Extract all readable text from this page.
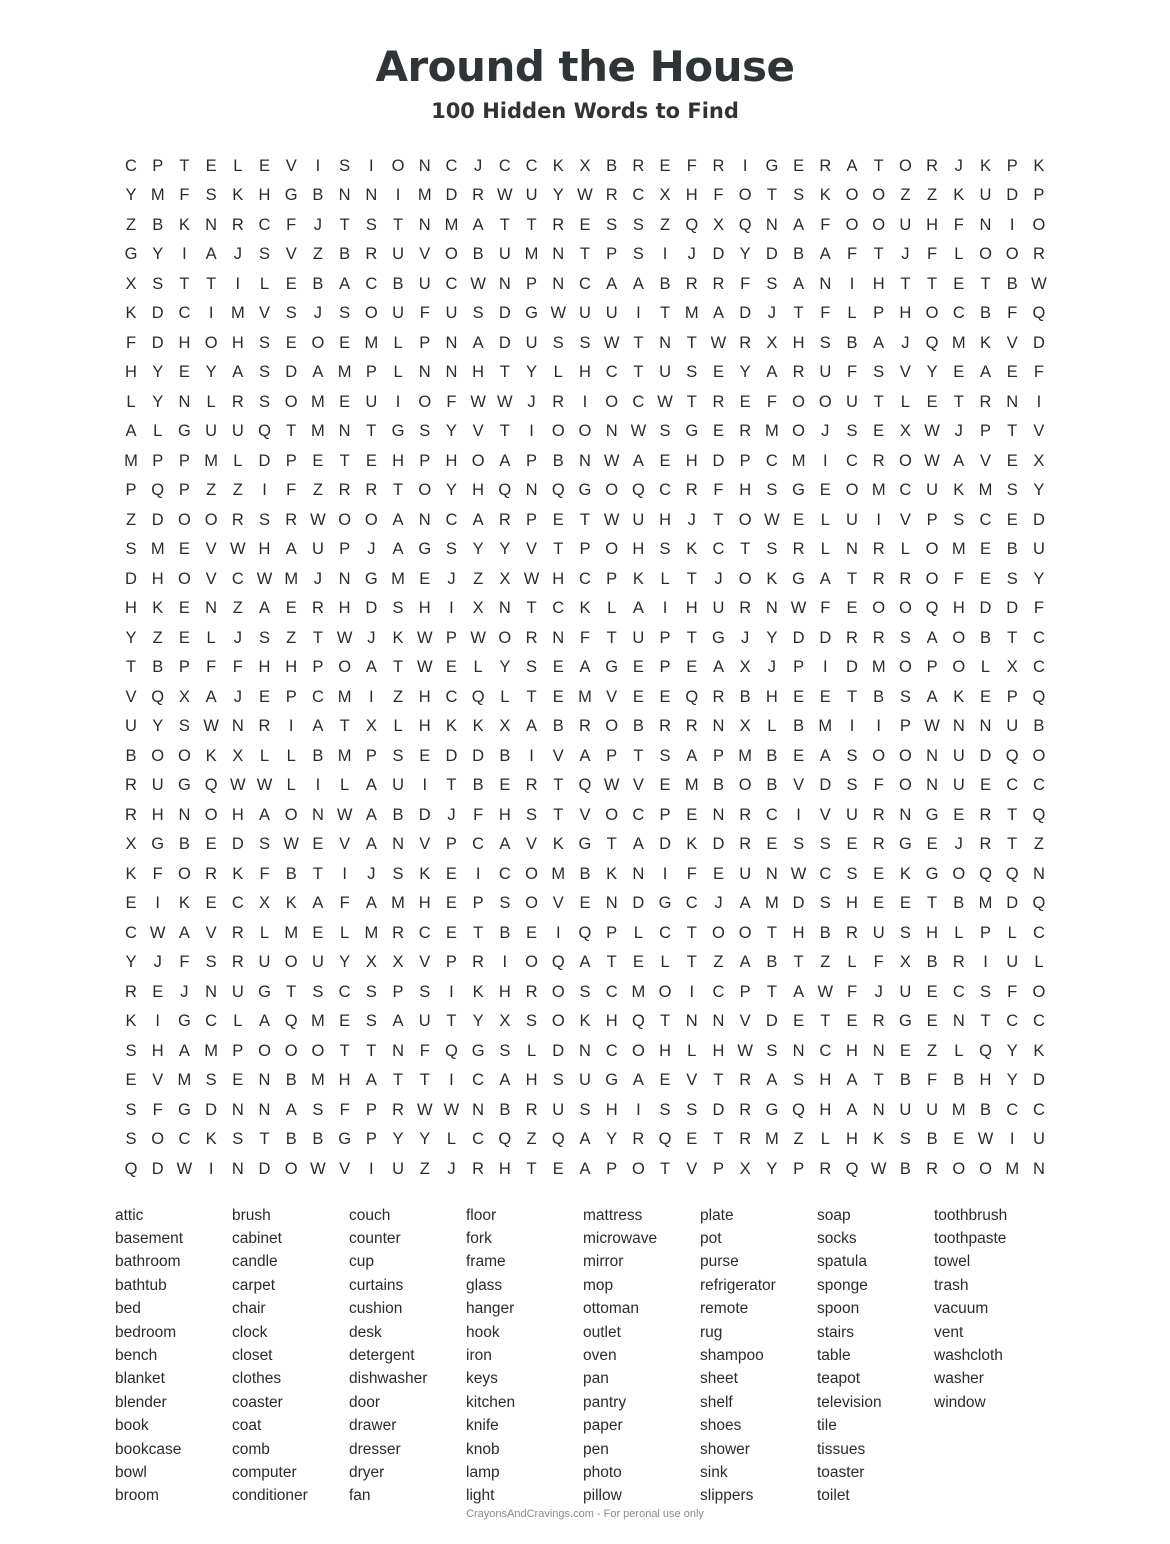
Around the House
100 Hidden Words to Find
C P T E	L	E V	I	S	I	O N C	J	C C K X B R E F R	I	G E R A T O R	J	K P K
Y M F S K H G B N N	I	M D R W U Y W R C X H F O T S K O O Z	Z K U D P
Z B K N R C F	J	T S T N M A T	T R E S S Z Q X Q N A F O O U H F N	I	O
G Y	I	A	J	S V Z B R U V O B U M N T P S	I	J	D Y D B A F	T	J	F	L O O R
X S T	T	I	L	E B A C B U C W N P N C A A B R R F S A N	I	H T	T E T B W
K D C	I	M V S	J	S O U F U S D G W U U	I	T M A D	J	T	F	L	P H O C B F Q
F D H O H S E O E M L	P N A D U S S W T N T W R X H S B A	J Q M K V D
H Y E Y A S D A M P	L N N H T Y	L H C T U S E Y A R U F S V Y E A E F
L	Y N L R S O M E U	I	O F W W J	R	I	O C W T R E F O O U T	L	E T R N	I
A	L G U U Q T M N T G S Y V T	I	O O N W S G E R M O J	S E X W J	P T V
M P P M L D P E T E H P H O A P B N W A E H D P C M	I	C R O W A V E X
P Q P Z	Z	I	F	Z R R T O Y H Q N Q G O Q C R F H S G E O M C U K M S Y
Z D O O R S R W O O A N C A R P E T W U H	J	T O W E	L U	I	V P S C E D
S M E V W H A U P	J	A G S Y Y V T P O H S K C T S R L N R L O M E B U
D H O V C W M J	N G M E	J	Z X W H C P K	L	T	J O K G A T R R O F E S Y
H K E N Z A E R H D S H	I	X N T C K	L	A	I	H U R N W F E O O Q H D D F
Y Z E	L	J	S Z	T W J	K W P W O R N F	T U P T G J	Y D D R R S A O B T C
T B P F	F H H P O A T W E	L	Y S E A G E P E A X	J	P	I	D M O P O L	X C
V Q X A	J	E P C M	I	Z H C Q L	T E M V E E Q R B H E E T B S A K E P Q
U Y S W N R	I	A T X	L H K K X A B R O B R R N X	L	B M	I	I	P W N N U B
B O O K X	L	L	B M P S E D D B	I	V A P T S A P M B E A S O O N U D Q O
R U G Q W W L	I	L	A U	I	T B E R T Q W V E M B O B V D S F O N U E C C
R H N O H A O N W A B D	J	F H S T V O C P E N R C	I	V U R N G E R T Q
X G B E D S W E V A N V P C A V K G T A D K D R E S S E R G E	J	R T	Z
K F O R K F B T	I	J	S K E	I	C O M B K N	I	F E U N W C S E K G O Q Q N
E	I	K E C X K A F A M H E P S O V E N D G C	J	A M D S H E E T B M D Q
C W A V R L M E	L M R C E T B E	I	Q P	L C T O O T H B R U S H L	P	L C
Y	J	F S R U O U Y X X V P R	I	O Q A T E	L	T	Z A B T	Z	L	F X B R	I	U L
R E	J	N U G T S C S P S	I	K H R O S C M O	I	C P T A W F	J	U E C S F O
K	I	G C L	A Q M E S A U T Y X S O K H Q T N N V D E T E R G E N T C C
S H A M P O O O T	T N F Q G S	L D N C O H L H W S N C H N E Z	L Q Y K
E V M S E N B M H A T	T	I	C A H S U G A E V T R A S H A T B F B H Y D
S F G D N N A S F P R W W N B R U S H	I	S S D R G Q H A N U U M B C C
S O C K S T B B G P Y Y	L C Q Z Q A Y R Q E T R M Z	L H K S B E W	I	U
Q D W	I	N D O W V	I	U Z	J	R H T E A P O T V P X Y P R Q W B R O O M N
attic
basement
bathroom
bathtub
bed
bedroom
bench
blanket
blender
book
bookcase
bowl
broom
brush
cabinet
candle
carpet
chair
clock
closet
clothes
coaster
coat
comb
computer
conditioner
couch
counter
cup
curtains
cushion
desk
detergent
dishwasher
door
drawer
dresser
dryer
fan
floor
fork
frame
glass
hanger
hook
iron
keys
kitchen
knife
knob
lamp
light
mattress
microwave
mirror
mop
ottoman
outlet
oven
pan
pantry
paper
pen
photo
pillow
plate
pot
purse
refrigerator
remote
rug
shampoo
sheet
shelf
shoes
shower
sink
slippers
soap
socks
spatula
sponge
spoon
stairs
table
teapot
television
tile
tissues
toaster
toilet
toothbrush
toothpaste
towel
trash
vacuum
vent
washcloth
washer
window
CrayonsAndCravings.com - For peronal use only
